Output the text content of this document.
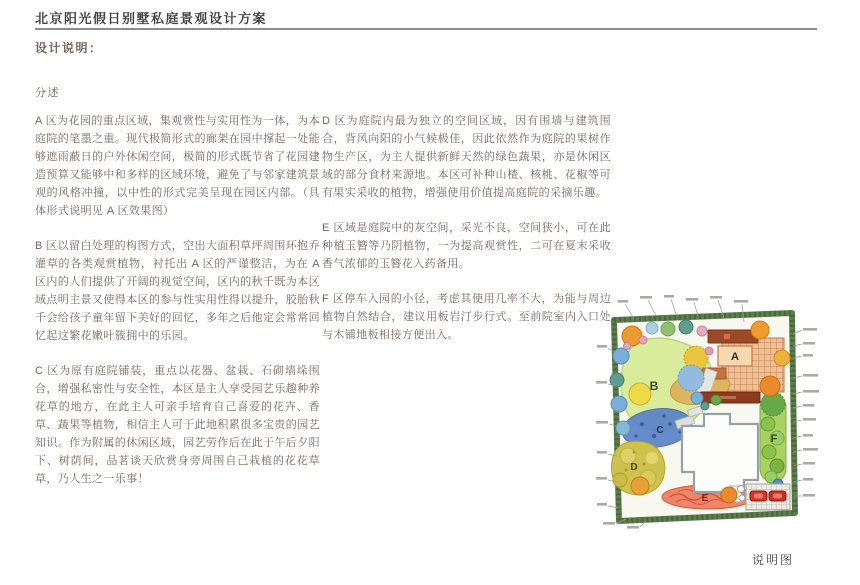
北京阳光假日别墅私庭景观设计方案
设计说明：
分述

A 区为花园的重点区域，集观赏性与实用性为一体，为本庭院的笔墨之重。现代极简形式的廊架在园中撑起一处能够遮雨蔽日的户外休闲空间，极简的形式既节省了花园建造预算又能够中和多样的区域环境，避免了与邻家建筑景观的风格冲撞，以中性的形式完美呈现在园区内部。（具体形式说明见 A 区效果图）

B 区以留白处理的构图方式，空出大面积草坪周围环抱乔灌草的各类观赏植物，衬托出 A 区的严谨整洁，为在 A 区内的人们提供了开阔的视觉空间，区内的秋千既为本区域点明主景又使得本区的参与性实用性得以提升，胶胎秋千会给孩子童年留下美好的回忆，多年之后他定会常常回忆起这繁花嫩叶簇拥中的乐园。

C 区为原有庭院铺装，重点以花器、盆栽、石砌墙垛围合，增强私密性与安全性，本区是主人享受园艺乐趣种养花草的地方，在此主人可亲手培育自己喜爱的花卉、香草、蔬果等植物，相信主人可于此地积累很多宝贵的园艺知识。作为附属的休闲区域，园艺劳作后在此于午后夕阳下、树荫间，品茗谈天欣赏身旁周围自己栽植的花花草草，乃人生之一乐事！

D 区为庭院内最为独立的空间区域，因有围墙与建筑围合，背风向阳的小气候极佳，因此依然作为庭院的果树作物生产区，为主人提供新鲜天然的绿色蔬果，亦是休闲区域的部分食材来源地。本区可补种山楂、核桃、花椒等可有果实采收的植物，增强使用价值提高庭院的采摘乐趣。

E 区域是庭院中的灰空间，采光不良，空间狭小，可在此种植玉簪等乃阴植物，一为提高观赏性，二可在夏末采收香气浓郁的玉簪花入药备用。

F 区停车入园的小径，考虑其使用几率不大，为能与周边植物自然结合，建议用板岩汀步行式。至前院室内入口处与木铺地板相接方便出入。

A
B
C
D
E
F
说明图
